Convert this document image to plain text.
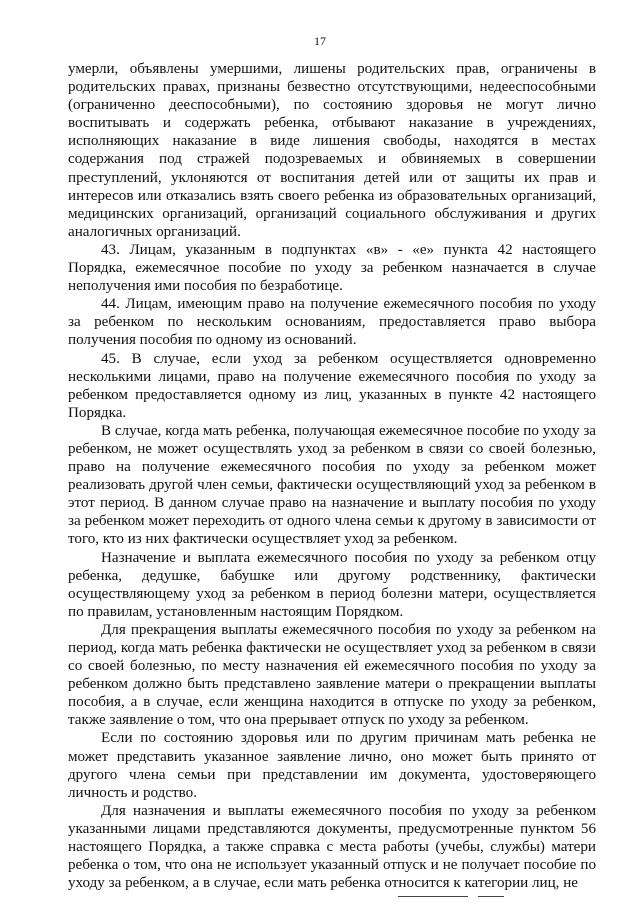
17

умерли, объявлены умершими, лишены родительских прав, ограничены в родительских правах, признаны безвестно отсутствующими, недееспособными (ограниченно дееспособными), по состоянию здоровья не могут лично воспитывать и содержать ребенка, отбывают наказание в учреждениях, исполняющих наказание в виде лишения свободы, находятся в местах содержания под стражей подозреваемых и обвиняемых в совершении преступлений, уклоняются от воспитания детей или от защиты их прав и интересов или отказались взять своего ребенка из образовательных организаций, медицинских организаций, организаций социального обслуживания и других аналогичных организаций.

43. Лицам, указанным в подпунктах «в» - «е» пункта 42 настоящего Порядка, ежемесячное пособие по уходу за ребенком назначается в случае неполучения ими пособия по безработице.

44. Лицам, имеющим право на получение ежемесячного пособия по уходу за ребенком по нескольким основаниям, предоставляется право выбора получения пособия по одному из оснований.

45. В случае, если уход за ребенком осуществляется одновременно несколькими лицами, право на получение ежемесячного пособия по уходу за ребенком предоставляется одному из лиц, указанных в пункте 42 настоящего Порядка.

В случае, когда мать ребенка, получающая ежемесячное пособие по уходу за ребенком, не может осуществлять уход за ребенком в связи со своей болезнью, право на получение ежемесячного пособия по уходу за ребенком может реализовать другой член семьи, фактически осуществляющий уход за ребенком в этот период. В данном случае право на назначение и выплату пособия по уходу за ребенком может переходить от одного члена семьи к другому в зависимости от того, кто из них фактически осуществляет уход за ребенком.

Назначение и выплата ежемесячного пособия по уходу за ребенком отцу ребенка, дедушке, бабушке или другому родственнику, фактически осуществляющему уход за ребенком в период болезни матери, осуществляется по правилам, установленным настоящим Порядком.

Для прекращения выплаты ежемесячного пособия по уходу за ребенком на период, когда мать ребенка фактически не осуществляет уход за ребенком в связи со своей болезнью, по месту назначения ей ежемесячного пособия по уходу за ребенком должно быть представлено заявление матери о прекращении выплаты пособия, а в случае, если женщина находится в отпуске по уходу за ребенком, также заявление о том, что она прерывает отпуск по уходу за ребенком.

Если по состоянию здоровья или по другим причинам мать ребенка не может представить указанное заявление лично, оно может быть принято от другого члена семьи при представлении им документа, удостоверяющего личность и родство.

Для назначения и выплаты ежемесячного пособия по уходу за ребенком указанными лицами представляются документы, предусмотренные пунктом 56 настоящего Порядка, а также справка с места работы (учебы, службы) матери ребенка о том, что она не использует указанный отпуск и не получает пособие по уходу за ребенком, а в случае, если мать ребенка относится к категории лиц, не
